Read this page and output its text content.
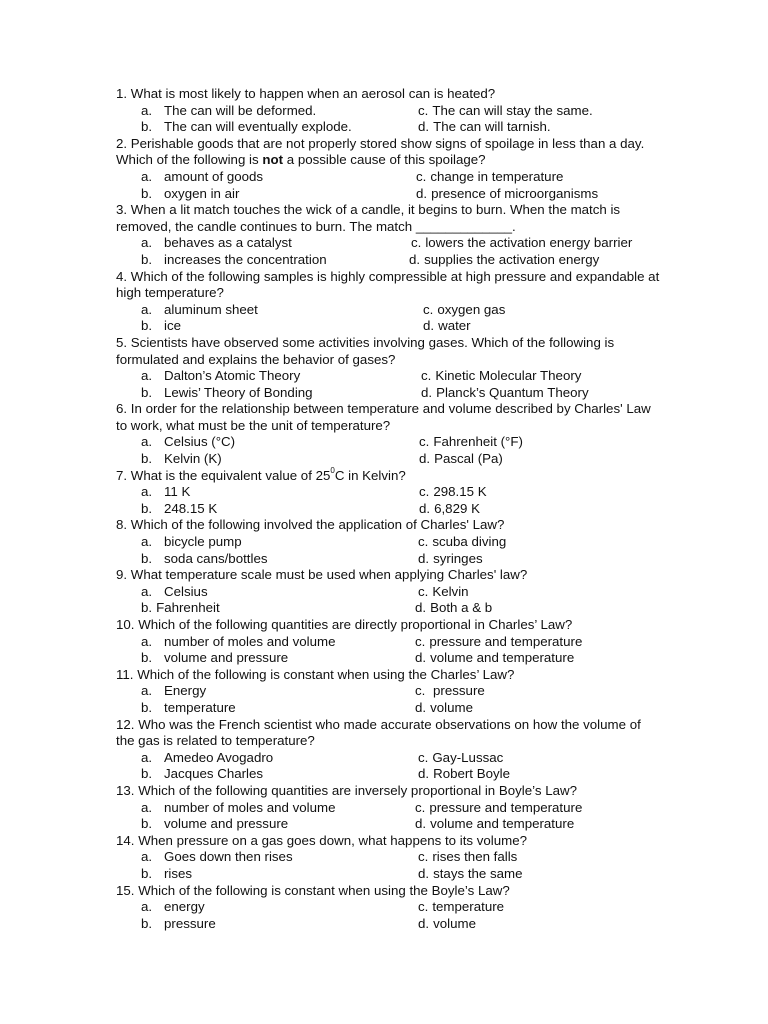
1. What is most likely to happen when an aerosol can is heated?
a. The can will be deformed.	c. The can will stay the same.
b. The can will eventually explode.	d. The can will tarnish.
2. Perishable goods that are not properly stored show signs of spoilage in less than a day. Which of the following is not a possible cause of this spoilage?
a. amount of goods	c. change in temperature
b. oxygen in air	d. presence of microorganisms
3. When a lit match touches the wick of a candle, it begins to burn. When the match is removed, the candle continues to burn. The match _____________.
a. behaves as a catalyst	c. lowers the activation energy barrier
b. increases the concentration	d. supplies the activation energy
4. Which of the following samples is highly compressible at high pressure and expandable at high temperature?
a. aluminum sheet	c. oxygen gas
b. ice	d. water
5. Scientists have observed some activities involving gases. Which of the following is formulated and explains the behavior of gases?
a. Dalton’s Atomic Theory	c. Kinetic Molecular Theory
b. Lewis’ Theory of Bonding	d. Planck’s Quantum Theory
6. In order for the relationship between temperature and volume described by Charles' Law to work, what must be the unit of temperature?
a. Celsius (°C)	c. Fahrenheit (°F)
b. Kelvin (K)	d. Pascal (Pa)
7. What is the equivalent value of $25^0C$ in Kelvin?
a. 11 K	c. 298.15 K
b. 248.15 K	d. 6,829 K
8. Which of the following involved the application of Charles' Law?
a. bicycle pump	c. scuba diving
b. soda cans/bottles	d. syringes
9. What temperature scale must be used when applying Charles' law?
a. Celsius	c. Kelvin
b. Fahrenheit	d. Both a & b
10. Which of the following quantities are directly proportional in Charles’ Law?
a. number of moles and volume	c. pressure and temperature
b. volume and pressure	d. volume and temperature
11. Which of the following is constant when using the Charles’ Law?
a. Energy	c. pressure
b. temperature	d. volume
12. Who was the French scientist who made accurate observations on how the volume of the gas is related to temperature?
a. Amedeo Avogadro	c. Gay-Lussac
b. Jacques Charles	d. Robert Boyle
13. Which of the following quantities are inversely proportional in Boyle’s Law?
a. number of moles and volume	c. pressure and temperature
b. volume and pressure	d. volume and temperature
14. When pressure on a gas goes down, what happens to its volume?
a. Goes down then rises	c. rises then falls
b. rises	d. stays the same
15. Which of the following is constant when using the Boyle’s Law?
a. energy	c. temperature
b. pressure	d. volume
